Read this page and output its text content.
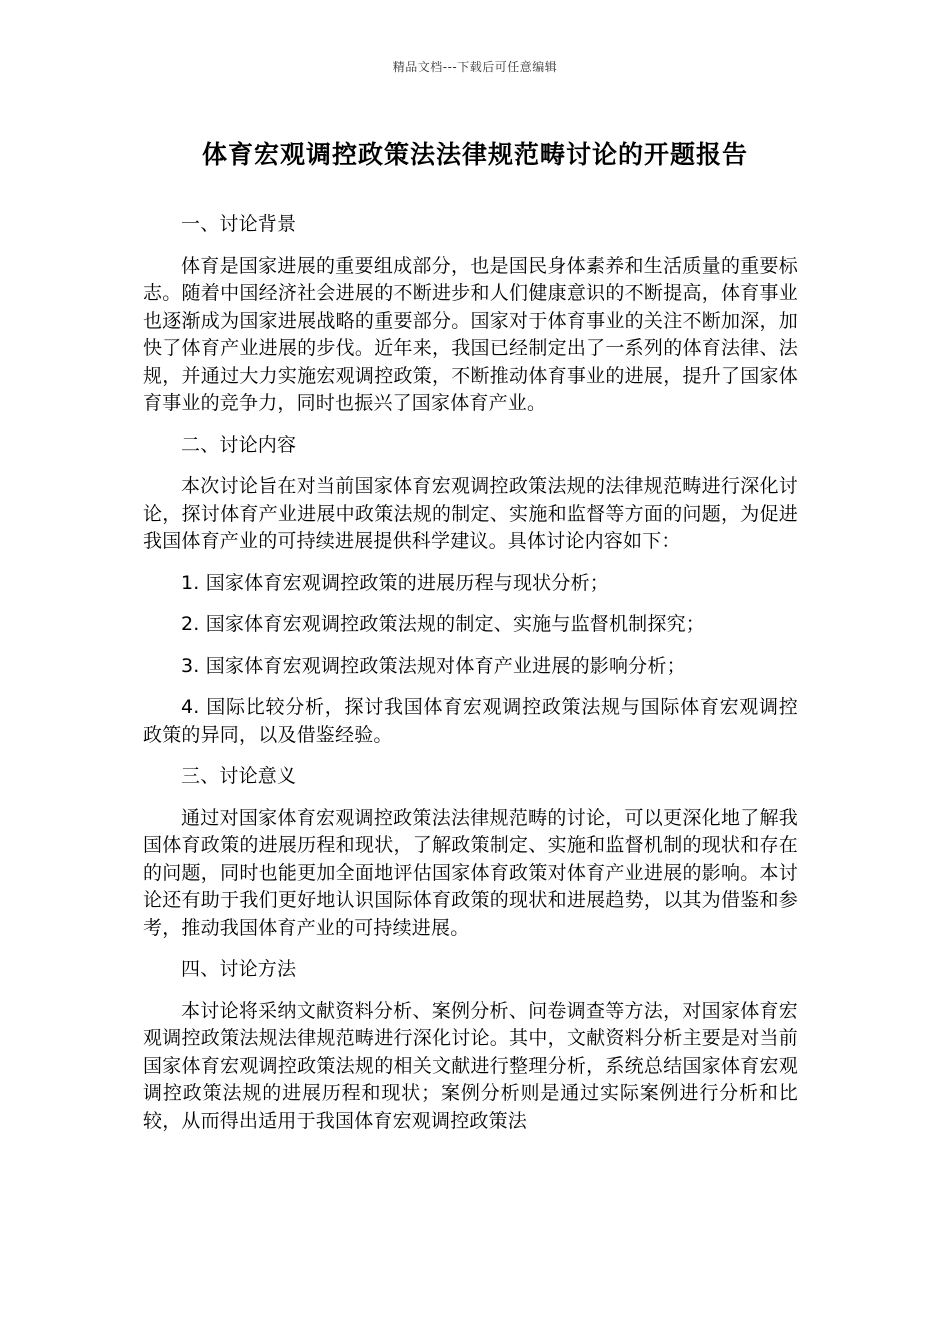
精品文档---下载后可任意编辑
体育宏观调控政策法法律规范畴讨论的开题报告

一、讨论背景

体育是国家进展的重要组成部分，也是国民身体素养和生活质量的重要标志。随着中国经济社会进展的不断进步和人们健康意识的不断提高，体育事业也逐渐成为国家进展战略的重要部分。国家对于体育事业的关注不断加深，加快了体育产业进展的步伐。近年来，我国已经制定出了一系列的体育法律、法规，并通过大力实施宏观调控政策，不断推动体育事业的进展，提升了国家体育事业的竞争力，同时也振兴了国家体育产业。

二、讨论内容

本次讨论旨在对当前国家体育宏观调控政策法规的法律规范畴进行深化讨论，探讨体育产业进展中政策法规的制定、实施和监督等方面的问题，为促进我国体育产业的可持续进展提供科学建议。具体讨论内容如下：

1. 国家体育宏观调控政策的进展历程与现状分析；

2. 国家体育宏观调控政策法规的制定、实施与监督机制探究；

3. 国家体育宏观调控政策法规对体育产业进展的影响分析；

4. 国际比较分析，探讨我国体育宏观调控政策法规与国际体育宏观调控政策的异同，以及借鉴经验。

三、讨论意义

通过对国家体育宏观调控政策法法律规范畴的讨论，可以更深化地了解我国体育政策的进展历程和现状，了解政策制定、实施和监督机制的现状和存在的问题，同时也能更加全面地评估国家体育政策对体育产业进展的影响。本讨论还有助于我们更好地认识国际体育政策的现状和进展趋势，以其为借鉴和参考，推动我国体育产业的可持续进展。

四、讨论方法

本讨论将采纳文献资料分析、案例分析、问卷调查等方法，对国家体育宏观调控政策法规法律规范畴进行深化讨论。其中，文献资料分析主要是对当前国家体育宏观调控政策法规的相关文献进行整理分析，系统总结国家体育宏观调控政策法规的进展历程和现状；案例分析则是通过实际案例进行分析和比较，从而得出适用于我国体育宏观调控政策法
